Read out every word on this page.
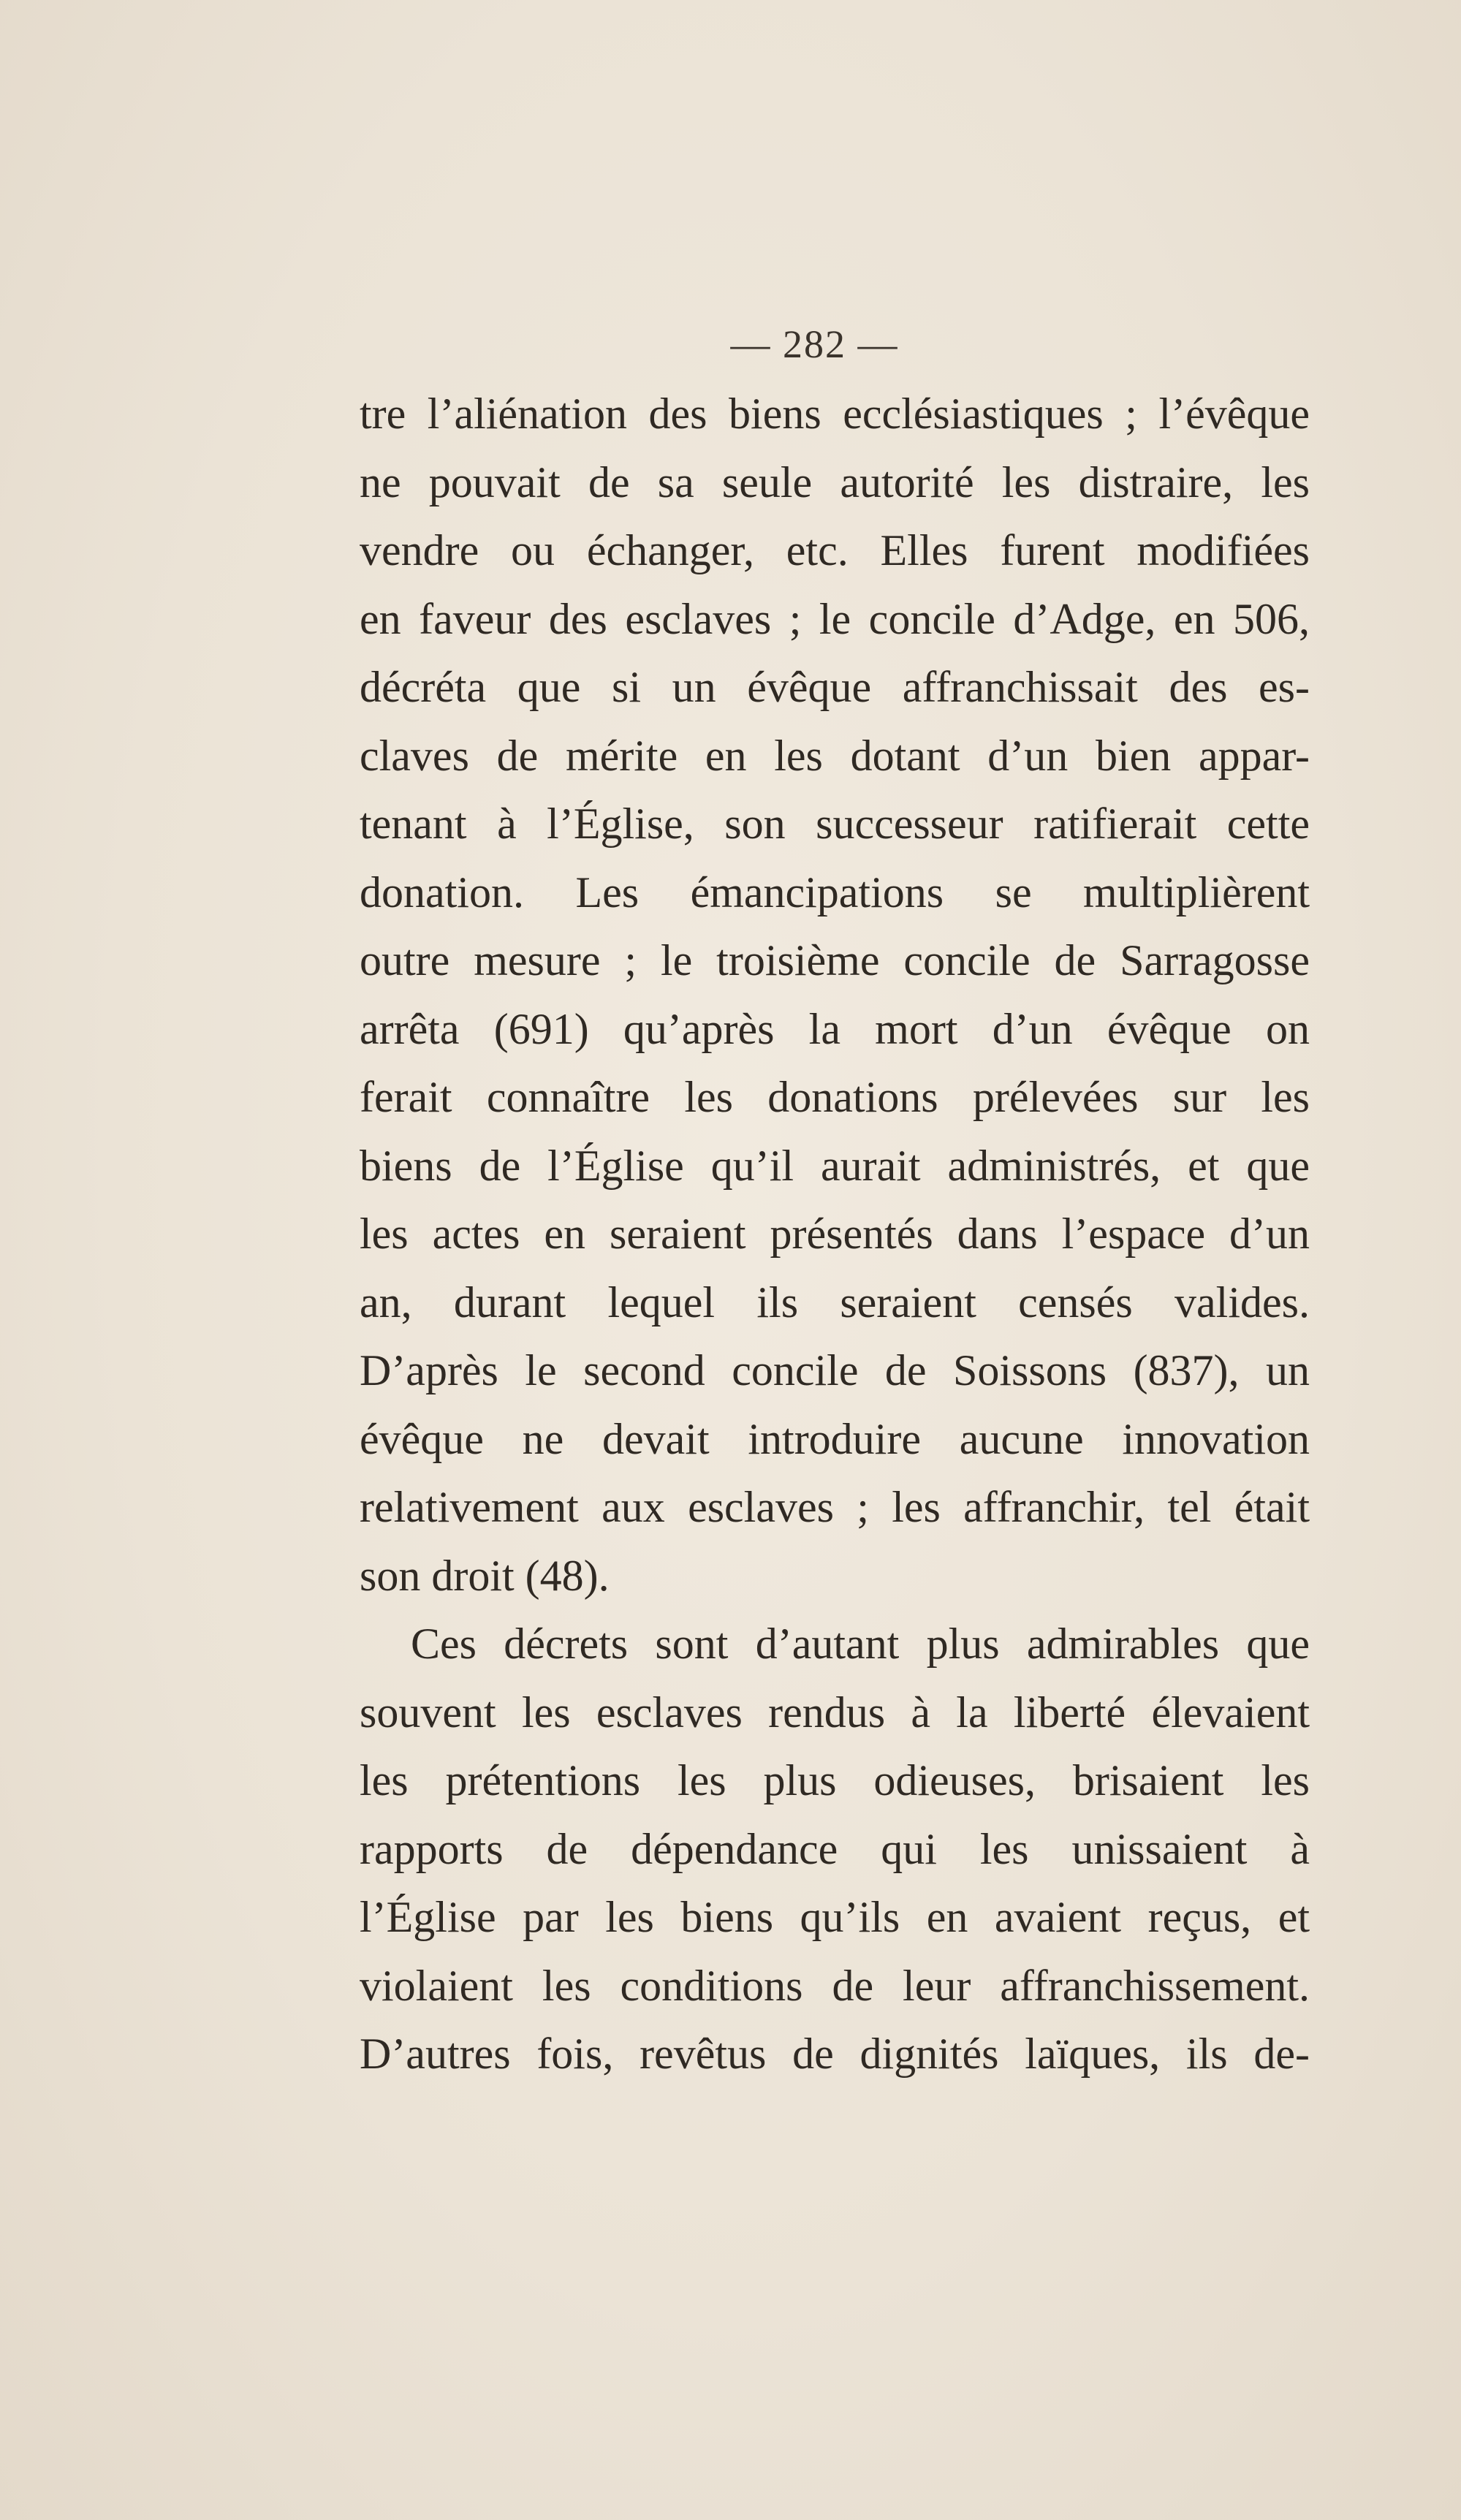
— 282 —
tre l’aliénation des biens ecclésiastiques ; l’évêque
ne pouvait de sa seule autorité les distraire, les
vendre ou échanger, etc. Elles furent modifiées
en faveur des esclaves ; le concile d’Adge, en 506,
décréta que si un évêque affranchissait des es-
claves de mérite en les dotant d’un bien appar-
tenant à l’Église, son successeur ratifierait cette
donation. Les émancipations se multiplièrent
outre mesure ; le troisième concile de Sarragosse
arrêta (691) qu’après la mort d’un évêque on
ferait connaître les donations prélevées sur les
biens de l’Église qu’il aurait administrés, et que
les actes en seraient présentés dans l’espace d’un
an, durant lequel ils seraient censés valides.
D’après le second concile de Soissons (837), un
évêque ne devait introduire aucune innovation
relativement aux esclaves ; les affranchir, tel était
son droit (48).
Ces décrets sont d’autant plus admirables que
souvent les esclaves rendus à la liberté élevaient
les prétentions les plus odieuses, brisaient les
rapports de dépendance qui les unissaient à
l’Église par les biens qu’ils en avaient reçus, et
violaient les conditions de leur affranchissement.
D’autres fois, revêtus de dignités laïques, ils de-
